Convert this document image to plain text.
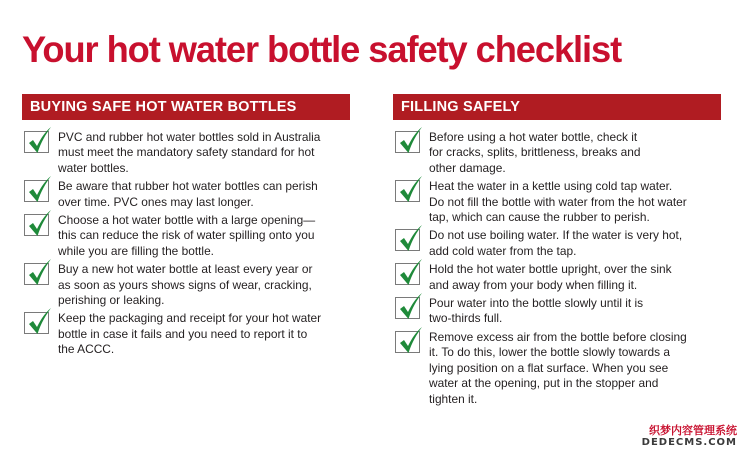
Your hot water bottle safety checklist
BUYING SAFE HOT WATER BOTTLES
PVC and rubber hot water bottles sold in Australia
must meet the mandatory safety standard for hot
water bottles.
Be aware that rubber hot water bottles can perish
over time. PVC ones may last longer.
Choose a hot water bottle with a large opening—
this can reduce the risk of water spilling onto you
while you are filling the bottle.
Buy a new hot water bottle at least every year or
as soon as yours shows signs of wear, cracking,
perishing or leaking.
Keep the packaging and receipt for your hot water
bottle in case it fails and you need to report it to
the ACCC.
FILLING SAFELY
Before using a hot water bottle, check it
for cracks, splits, brittleness, breaks and
other damage.
Heat the water in a kettle using cold tap water.
Do not fill the bottle with water from the hot water
tap, which can cause the rubber to perish.
Do not use boiling water. If the water is very hot,
add cold water from the tap.
Hold the hot water bottle upright, over the sink
and away from your body when filling it.
Pour water into the bottle slowly until it is
two-thirds full.
Remove excess air from the bottle before closing
it. To do this, lower the bottle slowly towards a
lying position on a flat surface. When you see
water at the opening, put in the stopper and
tighten it.
织梦内容管理系统
DEDECMS.COM
